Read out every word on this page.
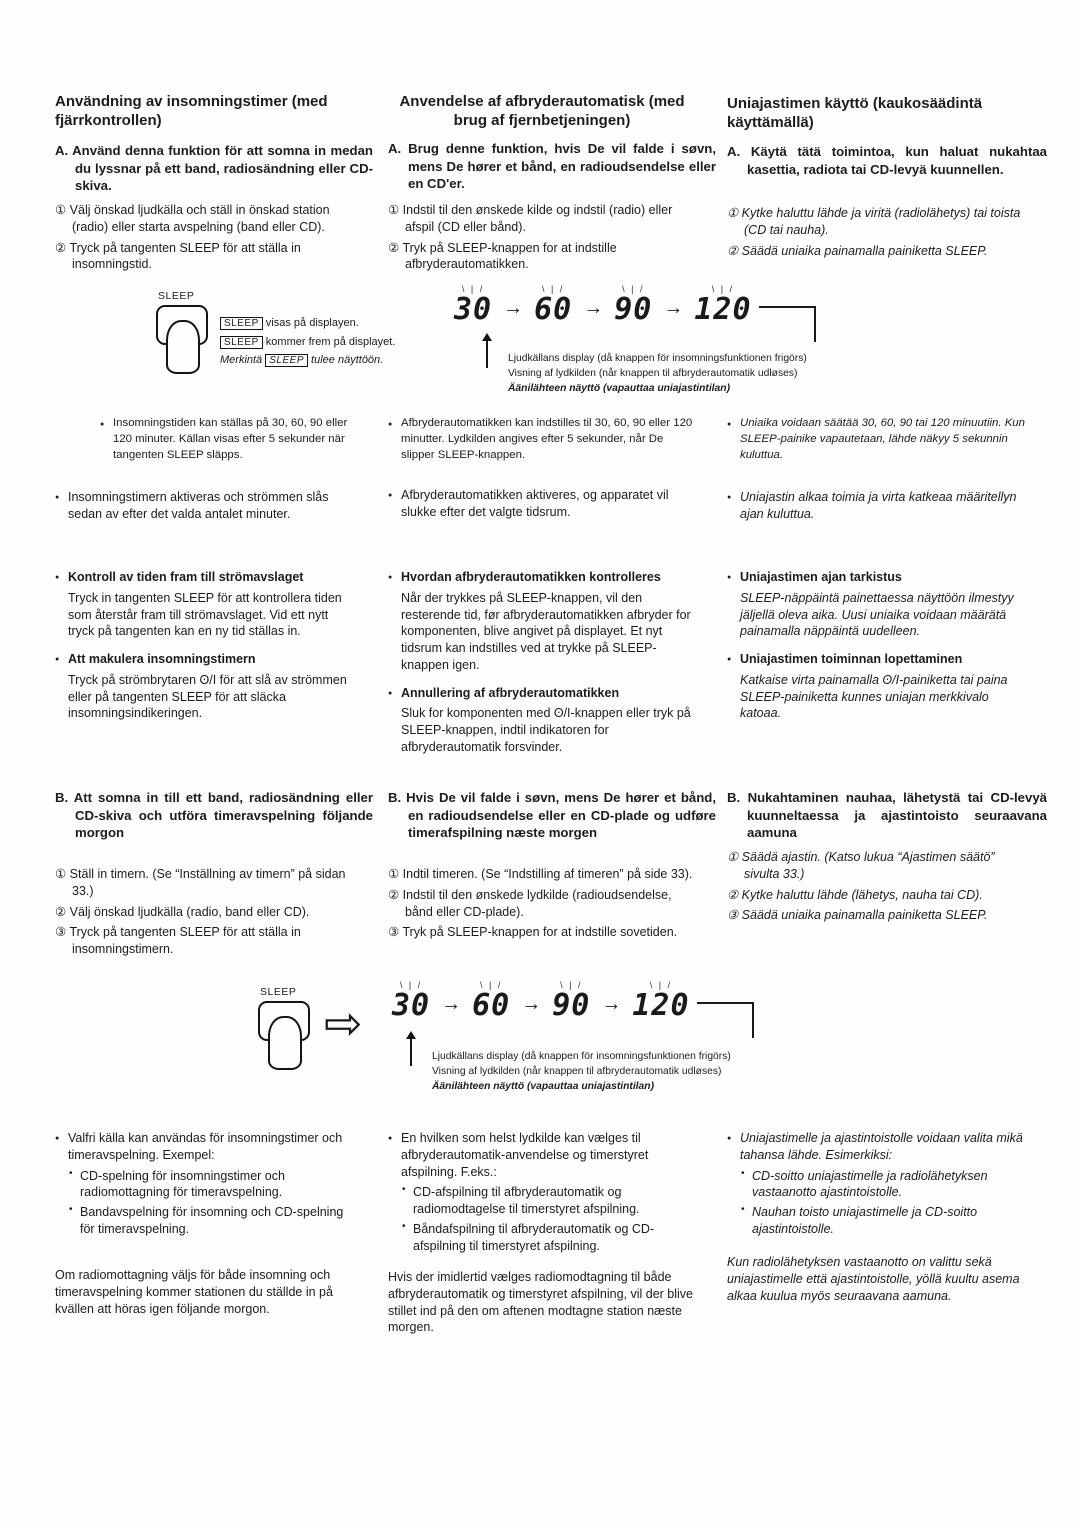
Användning av insomningstimer (med fjärrkontrollen)
A. Använd denna funktion för att somna in medan du lyssnar på ett band, radiosändning eller CD-skiva.
① Välj önskad ljudkälla och ställ in önskad station (radio) eller starta avspelning (band eller CD).
② Tryck på tangenten SLEEP för att ställa in insomningstid.
● Insomningstiden kan ställas på 30, 60, 90 eller 120 minuter. Källan visas efter 5 sekunder när tangenten SLEEP släpps.
● Insomningstimern aktiveras och strömmen slås sedan av efter det valda antalet minuter.
● Kontroll av tiden fram till strömavslaget
Tryck in tangenten SLEEP för att kontrollera tiden som återstår fram till strömavslaget. Vid ett nytt tryck på tangenten kan en ny tid ställas in.
● Att makulera insomningstimern
Tryck på strömbrytaren ʘ/I för att slå av strömmen eller på tangenten SLEEP för att släcka insomningsindikeringen.
B. Att somna in till ett band, radiosändning eller CD-skiva och utföra timeravspelning följande morgon
① Ställ in timern. (Se “Inställning av timern” på sidan 33.)
② Välj önskad ljudkälla (radio, band eller CD).
③ Tryck på tangenten SLEEP för att ställa in insomningstimern.
● Valfri källa kan användas för insomningstimer och timeravspelning. Exempel:
• CD-spelning för insomningstimer och radiomottagning för timeravspelning.
• Bandavspelning för insomning och CD-spelning för timeravspelning.
Om radiomottagning väljs för både insomning och timeravspelning kommer stationen du ställde in på kvällen att höras igen följande morgon.
Anvendelse af afbryderautomatisk (med brug af fjernbetjeningen)
A. Brug denne funktion, hvis De vil falde i søvn, mens De hører et bånd, en radioudsendelse eller en CD'er.
① Indstil til den ønskede kilde og indstil (radio) eller afspil (CD eller bånd).
② Tryk på SLEEP-knappen for at indstille afbryderautomatikken.
● Afbryderautomatikken kan indstilles til 30, 60, 90 eller 120 minutter. Lydkilden angives efter 5 sekunder, når De slipper SLEEP-knappen.
● Afbryderautomatikken aktiveres, og apparatet vil slukke efter det valgte tidsrum.
● Hvordan afbryderautomatikken kontrolleres
Når der trykkes på SLEEP-knappen, vil den resterende tid, før afbryderautomatikken afbryder for komponenten, blive angivet på displayet. Et nyt tidsrum kan indstilles ved at trykke på SLEEP-knappen igen.
● Annullering af afbryderautomatikken
Sluk for komponenten med ʘ/I-knappen eller tryk på SLEEP-knappen, indtil indikatoren for afbryderautomatik forsvinder.
B. Hvis De vil falde i søvn, mens De hører et bånd, en radioudsendelse eller en CD-plade og udføre timerafspilning næste morgen
① Indtil timeren. (Se “Indstilling af timeren” på side 33).
② Indstil til den ønskede lydkilde (radioudsendelse, bånd eller CD-plade).
③ Tryk på SLEEP-knappen for at indstille sovetiden.
● En hvilken som helst lydkilde kan vælges til afbryderautomatik-anvendelse og timerstyret afspilning. F.eks.:
• CD-afspilning til afbryderautomatik og radiomodtagelse til timerstyret afspilning.
• Båndafspilning til afbryderautomatik og CD-afspilning til timerstyret afspilning.
Hvis der imidlertid vælges radiomodtagning til både afbryderautomatik og timerstyret afspilning, vil der blive stillet ind på den om aftenen modtagne station næste morgen.
Uniajastimen käyttö (kaukosäädintä käyttämällä)
A. Käytä tätä toimintoa, kun haluat nukahtaa kasettia, radiota tai CD-levyä kuunnellen.
① Kytke haluttu lähde ja viritä (radiolähetys) tai toista (CD tai nauha).
② Säädä uniaika painamalla painiketta SLEEP.
● Uniaika voidaan säätää 30, 60, 90 tai 120 minuutiin. Kun SLEEP-painike vapautetaan, lähde näkyy 5 sekunnin kuluttua.
● Uniajastin alkaa toimia ja virta katkeaa määritellyn ajan kuluttua.
● Uniajastimen ajan tarkistus
SLEEP-näppäintä painettaessa näyttöön ilmestyy jäljellä oleva aika. Uusi uniaika voidaan määrätä painamalla näppäintä uudelleen.
● Uniajastimen toiminnan lopettaminen
Katkaise virta painamalla ʘ/I-painiketta tai paina SLEEP-painiketta kunnes uniajan merkkivalo katoaa.
B. Nukahtaminen nauhaa, lähetystä tai CD-levyä kuunneltaessa ja ajastintoisto seuraavana aamuna
① Säädä ajastin. (Katso lukua “Ajastimen säätö” sivulta 33.)
② Kytke haluttu lähde (lähetys, nauha tai CD).
③ Säädä uniaika painamalla painiketta SLEEP.
● Uniajastimelle ja ajastintoistolle voidaan valita mikä tahansa lähde. Esimerkiksi:
• CD-soitto uniajastimelle ja radiolähetyksen vastaanotto ajastintoistolle.
• Nauhan toisto uniajastimelle ja CD-soitto ajastintoistolle.
Kun radiolähetyksen vastaanotto on valittu sekä uniajastimelle että ajastintoistolle, yöllä kuultu asema alkaa kuulua myös seuraavana aamuna.
SLEEP
SLEEP visas på displayen.
SLEEP kommer frem på displayet.
Merkintä SLEEP tulee näyttöön.
\ | /
30 →
\ | /
60 →
\ | /
90 →
\ | /
120
Ljudkällans display (då knappen för insomningsfunktionen frigörs)
Visning af lydkilden (når knappen til afbryderautomatik udløses)
Äänilähteen näyttö (vapauttaa uniajastintilan)
SLEEP
⇨
\ | /
30 →
\ | /
60 →
\ | /
90 →
\ | /
120
Ljudkällans display (då knappen för insomningsfunktionen frigörs)
Visning af lydkilden (når knappen til afbryderautomatik udløses)
Äänilähteen näyttö (vapauttaa uniajastintilan)
